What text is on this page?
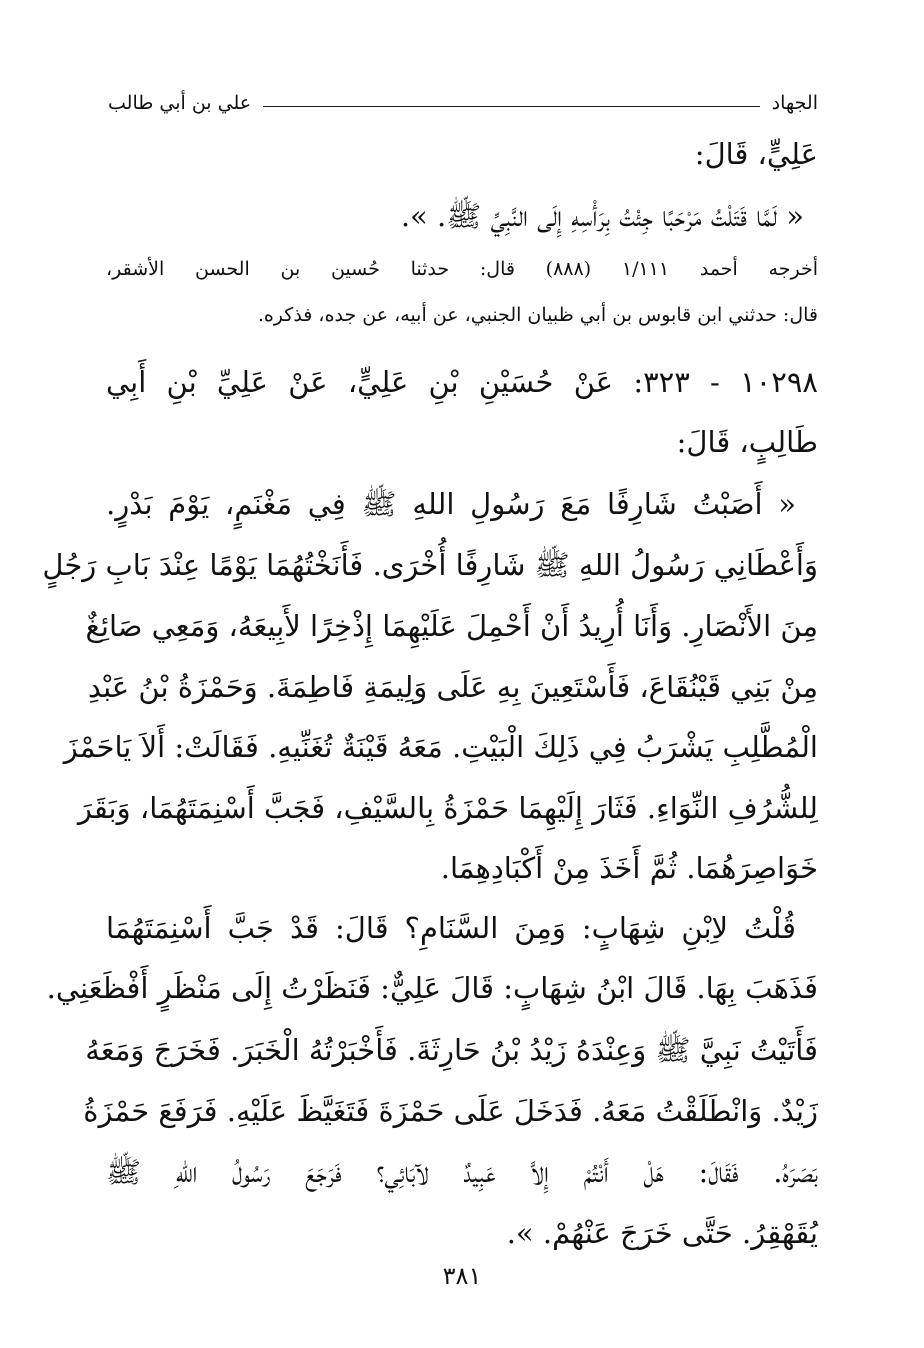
الجهاد
علي بن أبي طالب
عَلِيٍّ، قَالَ:
« لَمَّا قَتَلْتُ مَرْحَبًا جِئْتُ بِرَأْسِهِ إِلَى النَّبِيِّ ﷺ. ».
أخرجه أحمد ١/١١١ (٨٨٨) قال: حدثنا حُسين بن الحسن الأشقر،
قال: حدثني ابن قابوس بن أبي ظبيان الجنبي، عن أبيه، عن جده، فذكره.
١٠٢٩٨ - ٣٢٣: عَنْ حُسَيْنِ بْنِ عَلِيٍّ، عَنْ عَلِيِّ بْنِ أَبِي
طَالِبٍ، قَالَ:
« أَصَبْتُ شَارِفًا مَعَ رَسُولِ اللهِ ﷺ فِي مَغْنَمٍ، يَوْمَ بَدْرٍ.
وَأَعْطَانِي رَسُولُ اللهِ ﷺ شَارِفًا أُخْرَى. فَأَنَخْتُهُمَا يَوْمًا عِنْدَ بَابِ رَجُلٍ
مِنَ الأَنْصَارِ. وَأَنَا أُرِيدُ أَنْ أَحْمِلَ عَلَيْهِمَا إِذْخِرًا لأَبِيعَهُ، وَمَعِي صَائِغٌ
مِنْ بَنِي قَيْنُقَاعَ، فَأَسْتَعِينَ بِهِ عَلَى وَلِيمَةِ فَاطِمَةَ. وَحَمْزَةُ بْنُ عَبْدِ
الْمُطَّلِبِ يَشْرَبُ فِي ذَلِكَ الْبَيْتِ. مَعَهُ قَيْنَةٌ تُغَنِّيهِ. فَقَالَتْ: أَلاَ يَاحَمْزَ
لِلشُّرُفِ النِّوَاءِ. فَثَارَ إِلَيْهِمَا حَمْزَةُ بِالسَّيْفِ، فَجَبَّ أَسْنِمَتَهُمَا، وَبَقَرَ
خَوَاصِرَهُمَا. ثُمَّ أَخَذَ مِنْ أَكْبَادِهِمَا.
قُلْتُ لاِبْنِ شِهَابٍ: وَمِنَ السَّنَامِ؟ قَالَ: قَدْ جَبَّ أَسْنِمَتَهُمَا
فَذَهَبَ بِهَا. قَالَ ابْنُ شِهَابٍ: قَالَ عَلِيٌّ: فَنَظَرْتُ إِلَى مَنْظَرٍ أَفْظَعَنِي.
فَأَتَيْتُ نَبِيَّ ﷺ وَعِنْدَهُ زَيْدُ بْنُ حَارِثَةَ. فَأَخْبَرْتُهُ الْخَبَرَ. فَخَرَجَ وَمَعَهُ
زَيْدٌ. وَانْطَلَقْتُ مَعَهُ. فَدَخَلَ عَلَى حَمْزَةَ فَتَغَيَّظَ عَلَيْهِ. فَرَفَعَ حَمْزَةُ
بَصَرَهُ. فَقَالَ: هَلْ أَنْتُمْ إِلاَّ عَبِيدٌ لآبَائِي؟ فَرَجَعَ رَسُولُ اللهِ ﷺ
يُقَهْقِرُ. حَتَّى خَرَجَ عَنْهُمْ. ».
٣٨١
